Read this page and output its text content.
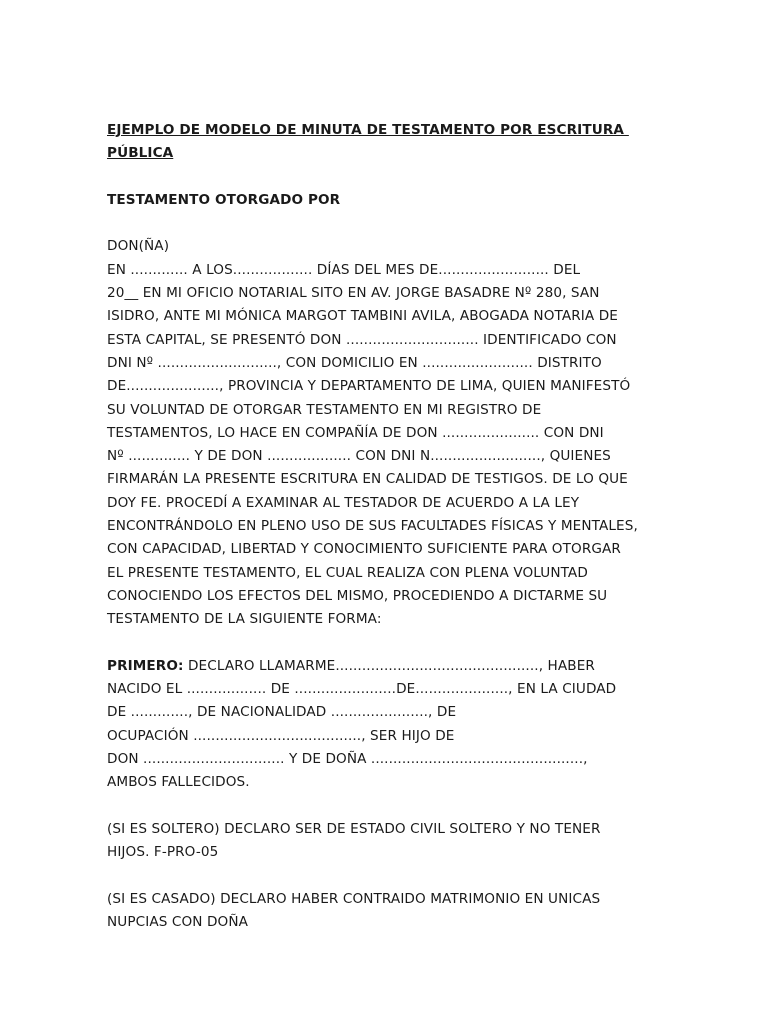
EJEMPLO DE MODELO DE MINUTA DE TESTAMENTO POR ESCRITURA
PÚBLICA
TESTAMENTO OTORGADO POR
DON(ÑA)
EN ............. A LOS.................. DÍAS DEL MES DE......................... DEL
20__ EN MI OFICIO NOTARIAL SITO EN AV. JORGE BASADRE Nº 280, SAN
ISIDRO, ANTE MI MÓNICA MARGOT TAMBINI AVILA, ABOGADA NOTARIA DE
ESTA CAPITAL, SE PRESENTÓ DON .............................. IDENTIFICADO CON
DNI Nº ..........................., CON DOMICILIO EN ......................... DISTRITO
DE....................., PROVINCIA Y DEPARTAMENTO DE LIMA, QUIEN MANIFESTÓ
SU VOLUNTAD DE OTORGAR TESTAMENTO EN MI REGISTRO DE
TESTAMENTOS, LO HACE EN COMPAÑÍA DE DON ...................... CON DNI
Nº .............. Y DE DON ................... CON DNI N........................., QUIENES
FIRMARÁN LA PRESENTE ESCRITURA EN CALIDAD DE TESTIGOS. DE LO QUE
DOY FE. PROCEDÍ A EXAMINAR AL TESTADOR DE ACUERDO A LA LEY
ENCONTRÁNDOLO EN PLENO USO DE SUS FACULTADES FÍSICAS Y MENTALES,
CON CAPACIDAD, LIBERTAD Y CONOCIMIENTO SUFICIENTE PARA OTORGAR
EL PRESENTE TESTAMENTO, EL CUAL REALIZA CON PLENA VOLUNTAD
CONOCIENDO LOS EFECTOS DEL MISMO, PROCEDIENDO A DICTARME SU
TESTAMENTO DE LA SIGUIENTE FORMA:
PRIMERO: DECLARO LLAMARME.............................................., HABER
NACIDO EL .................. DE .......................DE....................., EN LA CIUDAD
DE ............., DE NACIONALIDAD ......................, DE
OCUPACIÓN ......................................, SER HIJO DE
DON ................................ Y DE DOÑA ................................................,
AMBOS FALLECIDOS.
(SI ES SOLTERO) DECLARO SER DE ESTADO CIVIL SOLTERO Y NO TENER
HIJOS. F-PRO-05
(SI ES CASADO) DECLARO HABER CONTRAIDO MATRIMONIO EN UNICAS
NUPCIAS CON DOÑA
